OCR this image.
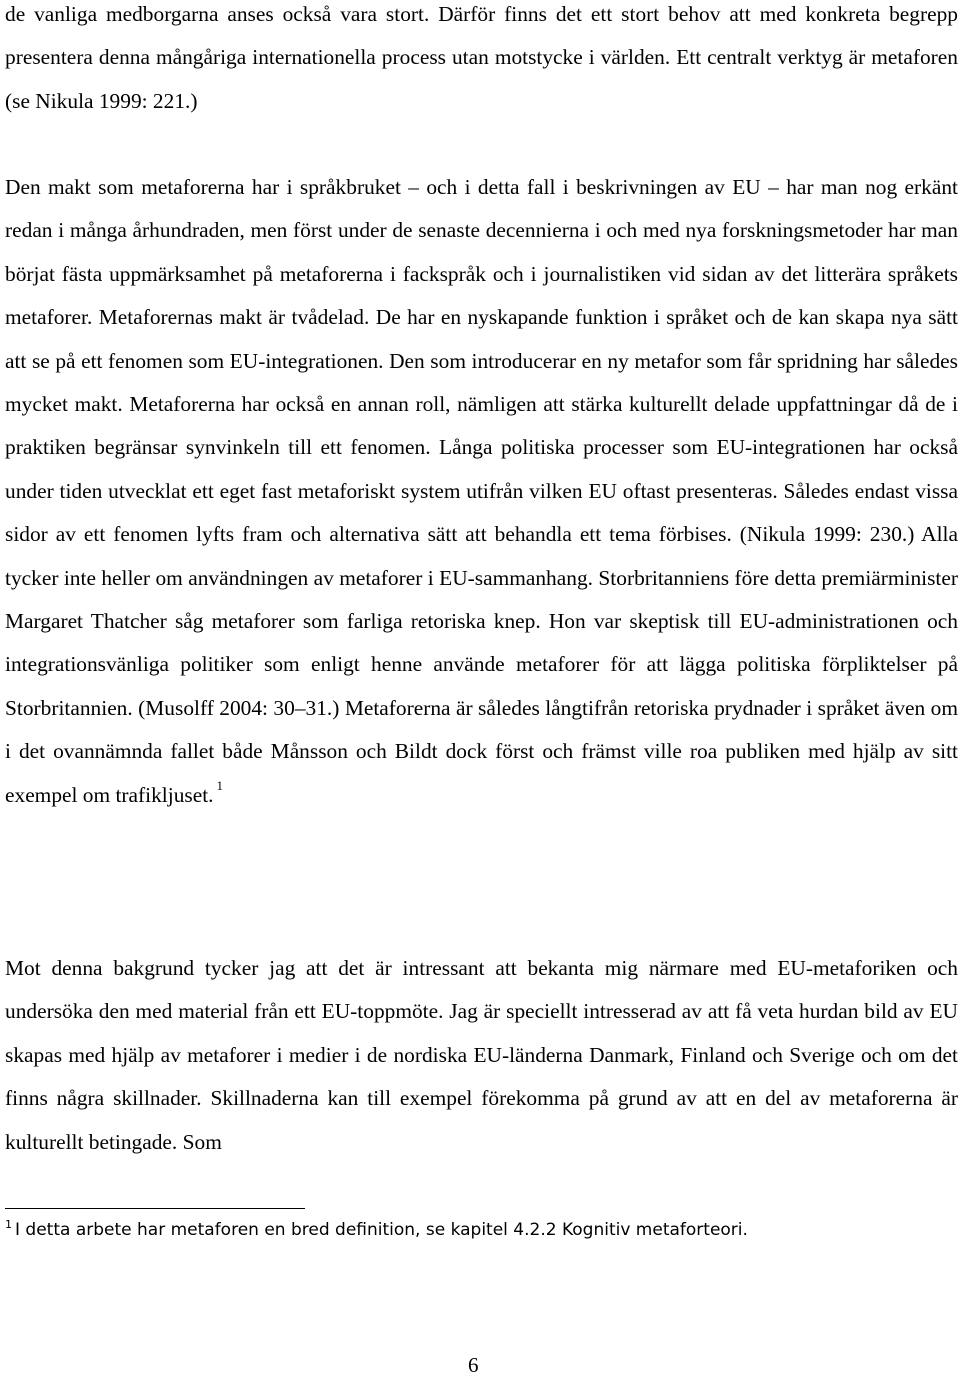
de vanliga medborgarna anses också vara stort. Därför finns det ett stort behov att med konkreta begrepp presentera denna mångåriga internationella process utan motstycke i världen. Ett centralt verktyg är metaforen (se Nikula 1999: 221.)

Den makt som metaforerna har i språkbruket – och i detta fall i beskrivningen av EU – har man nog erkänt redan i många århundraden, men först under de senaste decennierna i och med nya forskningsmetoder har man börjat fästa uppmärksamhet på metaforerna i fackspråk och i journalistiken vid sidan av det litterära språkets metaforer. Metaforernas makt är tvådelad. De har en nyskapande funktion i språket och de kan skapa nya sätt att se på ett fenomen som EU-integrationen. Den som introducerar en ny metafor som får spridning har således mycket makt. Metaforerna har också en annan roll, nämligen att stärka kulturellt delade uppfattningar då de i praktiken begränsar synvinkeln till ett fenomen. Långa politiska processer som EU-integrationen har också under tiden utvecklat ett eget fast metaforiskt system utifrån vilken EU oftast presenteras. Således endast vissa sidor av ett fenomen lyfts fram och alternativa sätt att behandla ett tema förbises. (Nikula 1999: 230.) Alla tycker inte heller om användningen av metaforer i EU-sammanhang. Storbritanniens före detta premiärminister Margaret Thatcher såg metaforer som farliga retoriska knep. Hon var skeptisk till EU-administrationen och integrationsvänliga politiker som enligt henne använde metaforer för att lägga politiska förpliktelser på Storbritannien. (Musolff 2004: 30–31.) Metaforerna är således långtifrån retoriska prydnader i språket även om i det ovannämnda fallet både Månsson och Bildt dock först och främst ville roa publiken med hjälp av sitt exempel om trafikljuset. $^1$

Mot denna bakgrund tycker jag att det är intressant att bekanta mig närmare med EU-metaforiken och undersöka den med material från ett EU-toppmöte. Jag är speciellt intresserad av att få veta hurdan bild av EU skapas med hjälp av metaforer i medier i de nordiska EU-länderna Danmark, Finland och Sverige och om det finns några skillnader. Skillnaderna kan till exempel förekomma på grund av att en del av metaforerna är kulturellt betingade. Som

$^1$ I detta arbete har metaforen en bred definition, se kapitel 4.2.2 Kognitiv metaforteori.
6
